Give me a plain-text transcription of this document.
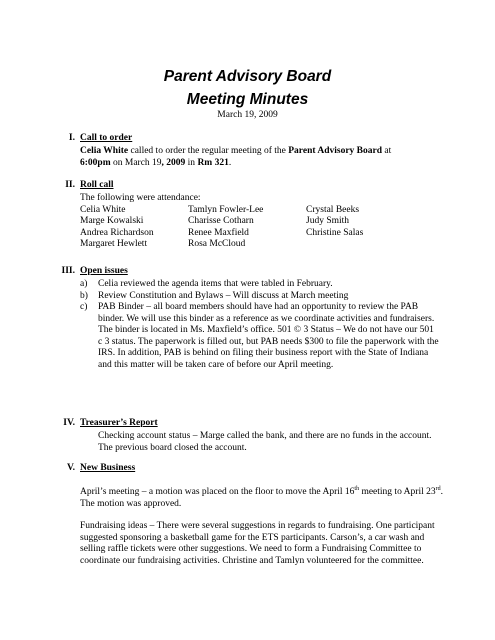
Parent Advisory Board
Meeting Minutes
March 19, 2009
I. Call to order

Celia White called to order the regular meeting of the Parent Advisory Board at
6:00pm on March 19, 2009 in Rm 321.

II. Roll call

The following were attendance:

Celia White	Tamlyn Fowler-Lee	Crystal Beeks
Marge Kowalski	Charisse Cotharn	Judy Smith
Andrea Richardson	Renee Maxfield	Christine Salas
Margaret Hewlett	Rosa McCloud	
III. Open issues
a) Celia reviewed the agenda items that were tabled in February.
b) Review Constitution and Bylaws – Will discuss at March meeting
c) PAB Binder – all board members should have had an opportunity to review the PAB binder. We will use this binder as a reference as we coordinate activities and fundraisers. The binder is located in Ms. Maxfield’s office. 501 © 3 Status – We do not have our 501 c 3 status. The paperwork is filled out, but PAB needs $300 to file the paperwork with the IRS. In addition, PAB is behind on filing their business report with the State of Indiana and this matter will be taken care of before our April meeting.
IV. Treasurer’s Report

Checking account status – Marge called the bank, and there are no funds in the account. The previous board closed the account.

V. New Business

April’s meeting – a motion was placed on the floor to move the April 16th meeting to April 23rd. The motion was approved.

Fundraising ideas – There were several suggestions in regards to fundraising. One participant suggested sponsoring a basketball game for the ETS participants. Carson’s, a car wash and selling raffle tickets were other suggestions. We need to form a Fundraising Committee to coordinate our fundraising activities. Christine and Tamlyn volunteered for the committee.
